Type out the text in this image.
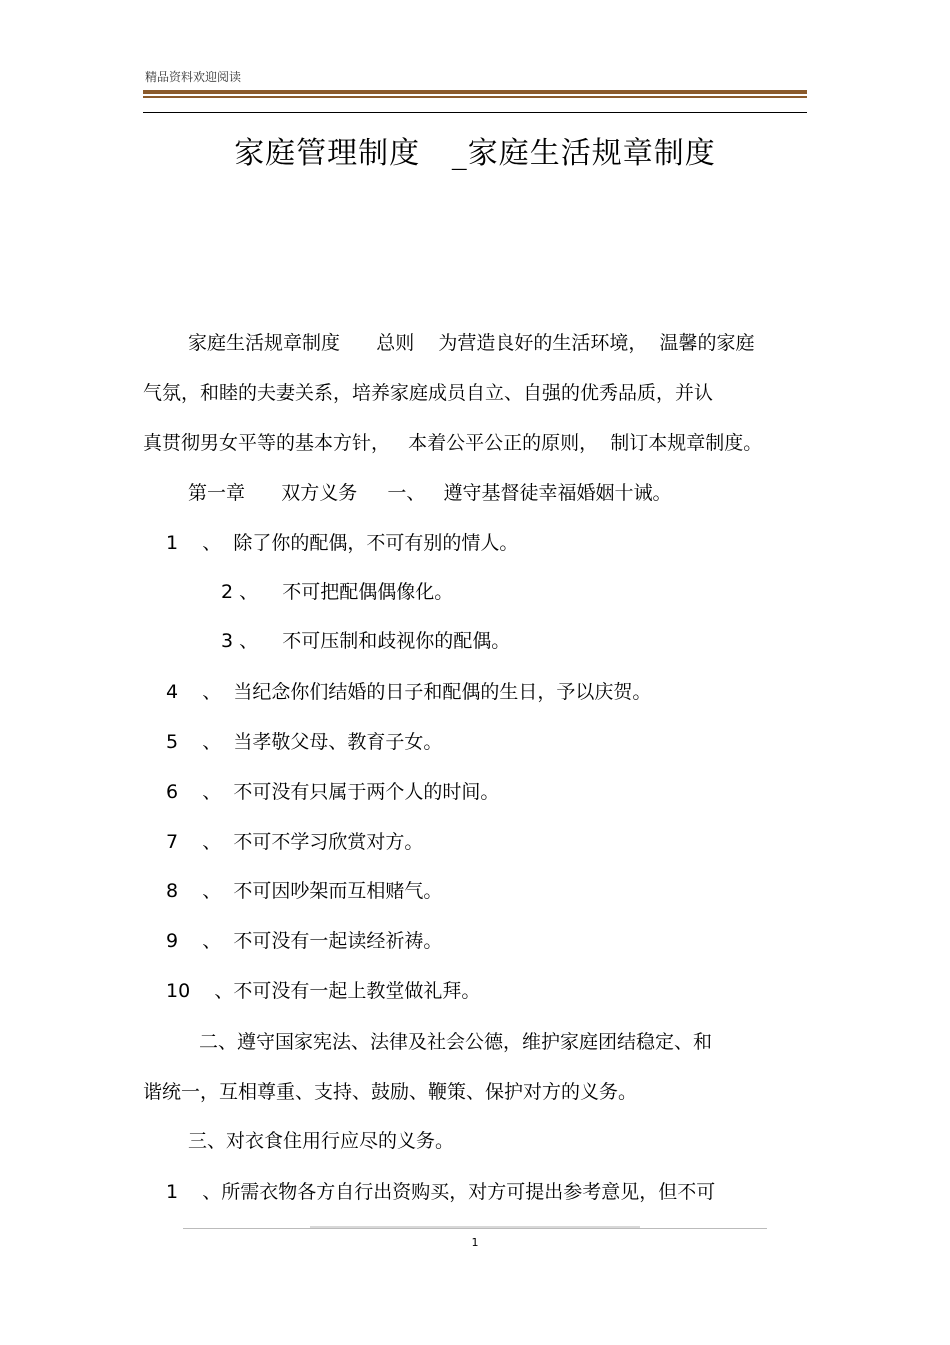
精品资料欢迎阅读
家庭管理制度   _家庭生活规章制度
家庭生活规章制度      总则    为营造良好的生活环境，  温馨的家庭
气氛，和睦的夫妻关系，培养家庭成员自立、自强的优秀品质，并认
真贯彻男女平等的基本方针，   本着公平公正的原则，  制订本规章制度。
第一章      双方义务     一、   遵守基督徒幸福婚姻十诫。
1    、  除了你的配偶，不可有别的情人。
2 、    不可把配偶偶像化。
3 、    不可压制和歧视你的配偶。
4    、  当纪念你们结婚的日子和配偶的生日，予以庆贺。
5    、  当孝敬父母、教育子女。
6    、  不可没有只属于两个人的时间。
7    、  不可不学习欣赏对方。
8    、  不可因吵架而互相赌气。
9    、  不可没有一起读经祈祷。
10    、不可没有一起上教堂做礼拜。
二、遵守国家宪法、法律及社会公德，维护家庭团结稳定、和
谐统一，互相尊重、支持、鼓励、鞭策、保护对方的义务。
三、对衣食住用行应尽的义务。
1    、所需衣物各方自行出资购买，对方可提出参考意见，但不可
1
